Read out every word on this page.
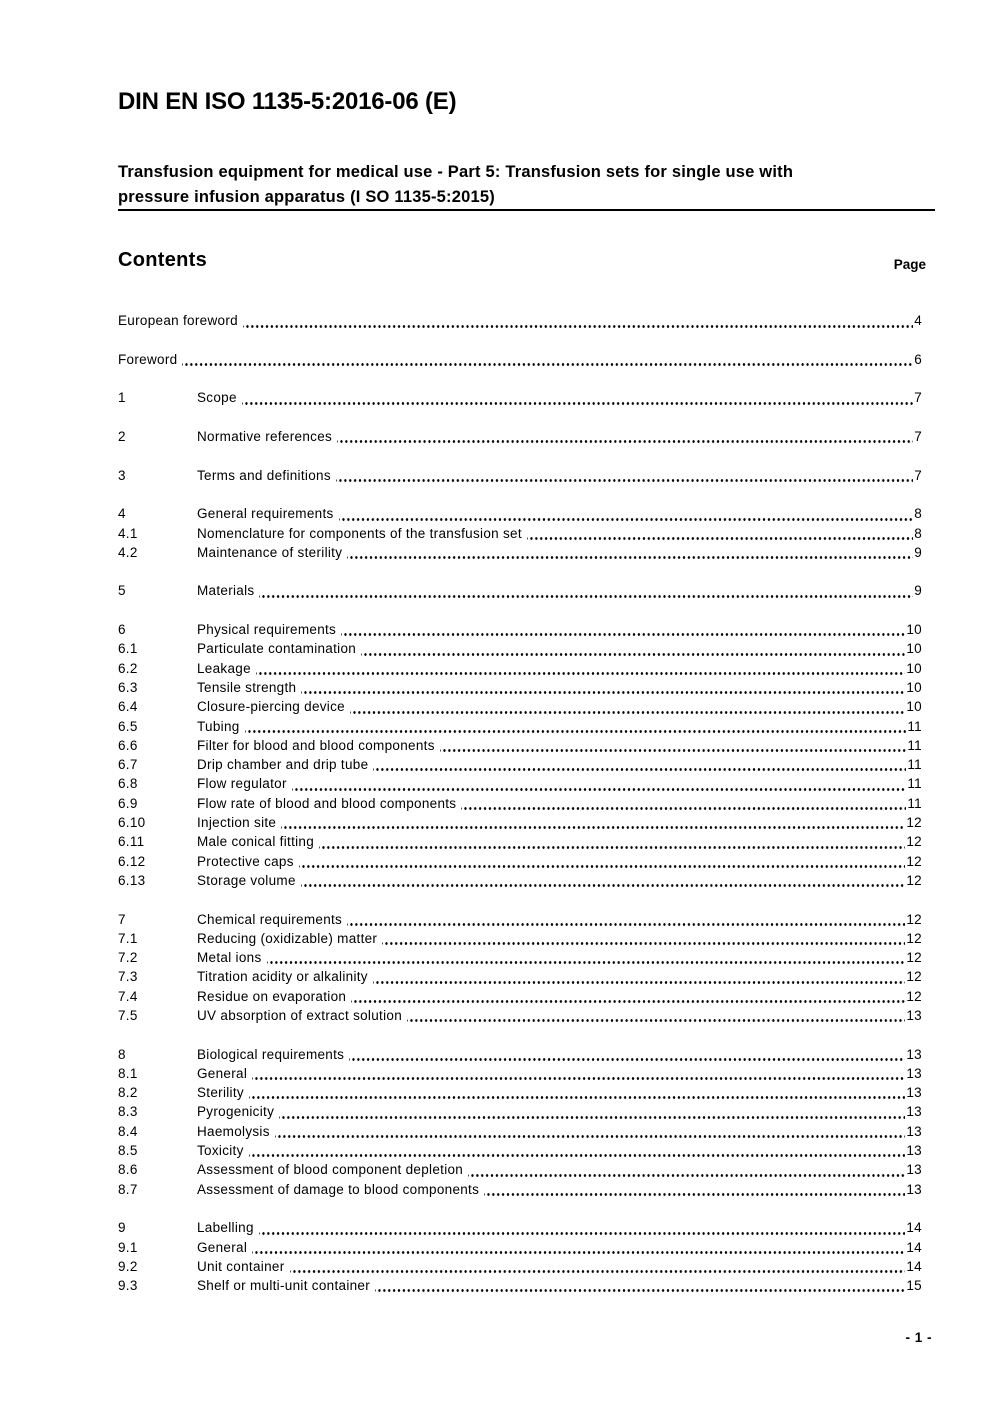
DIN EN ISO 1135-5:2016-06 (E)
Transfusion equipment for medical use - Part 5: Transfusion sets for single use with
pressure infusion apparatus (I SO 1135-5:2015)
Contents	Page
European foreword	4
Foreword	6
1	Scope	7
2	Normative references	7
3	Terms and definitions	7
4	General requirements	8
4.1	Nomenclature for components of the transfusion set	8
4.2	Maintenance of sterility	9
5	Materials	9
6	Physical requirements	10
6.1	Particulate contamination	10
6.2	Leakage	10
6.3	Tensile strength	10
6.4	Closure-piercing device	10
6.5	Tubing	11
6.6	Filter for blood and blood components	11
6.7	Drip chamber and drip tube	11
6.8	Flow regulator	11
6.9	Flow rate of blood and blood components	11
6.10	Injection site	12
6.11	Male conical fitting	12
6.12	Protective caps	12
6.13	Storage volume	12
7	Chemical requirements	12
7.1	Reducing (oxidizable) matter	12
7.2	Metal ions	12
7.3	Titration acidity or alkalinity	12
7.4	Residue on evaporation	12
7.5	UV absorption of extract solution	13
8	Biological requirements	13
8.1	General	13
8.2	Sterility	13
8.3	Pyrogenicity	13
8.4	Haemolysis	13
8.5	Toxicity	13
8.6	Assessment of blood component depletion	13
8.7	Assessment of damage to blood components	13
9	Labelling	14
9.1	General	14
9.2	Unit container	14
9.3	Shelf or multi-unit container	15
- 1 -
